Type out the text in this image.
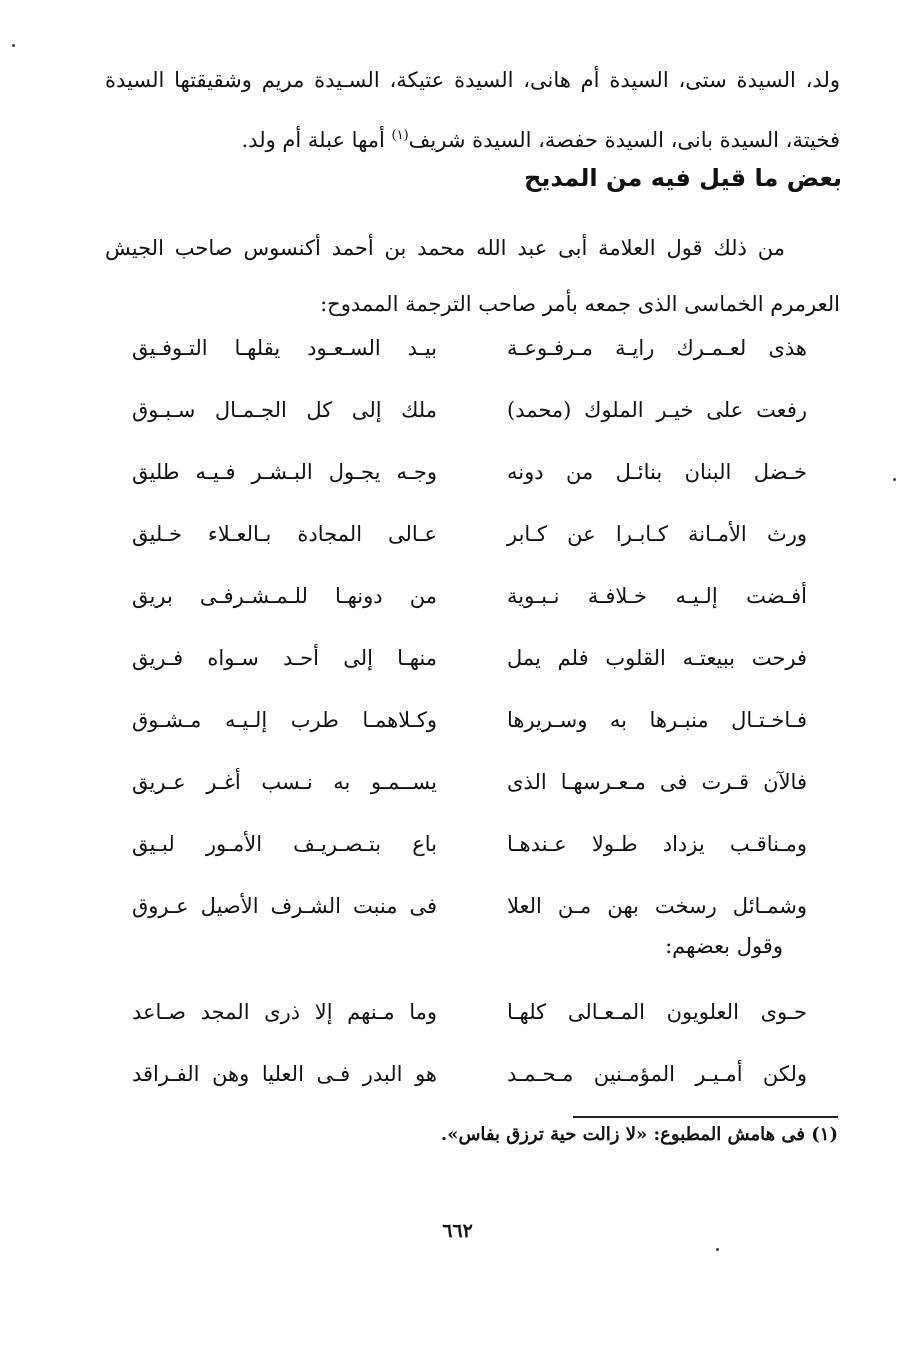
ولد، السيدة ستى، السيدة أم هانى، السيدة عتيكة، السـيدة مريم وشقيقتها السيدة فخيتة، السيدة بانى، السيدة حفصة، السيدة شريف$^{(١)}$ أمها عبلة أم ولد.
بعض ما قيل فيه من المديح
من ذلك قول العلامة أبى عبد الله محمد بن أحمد أكنسوس صاحب الجيش العرمرم الخماسى الذى جمعه بأمر صاحب الترجمة الممدوح:
هذى لعـمـرك رايـة مـرفـوعـة
بيـد السـعـود يقلهـا التـوفـيق
رفعت على خيـر الملوك (محمد)
ملك إلى كل الجـمـال سـبـوق
خـضل البنان بنائـل من دونه
وجـه يجـول البـشـر فـيـه طليق
ورث الأمـانة كـابـرا عن كـابر
عـالى المجادة بـالعـلاء خـليق
أفـضت إلـيـه خـلافـة نـبـوية
من دونهـا للـمـشـرفـى بريق
فرحت ببيعتـه القلوب فلم يمل
منهـا إلى أحـد سـواه فـريق
فـاخـتـال منبـرها به وسـريرها
وكـلاهمـا طرب إلـيـه مـشـوق
فالآن قـرت فى مـعـرسهـا الذى
يســمـو به نـسب أغـر عـريق
ومـناقـب يزداد طـولا عـندهـا
باع بتـصـريـف الأمـور لبـيق
وشمـائل رسخت بهن مـن العلا
فى منبت الشـرف الأصيل عـروق
وقول بعضهم:
حـوى العلويون المـعـالى كلهـا
وما مـنهم إلا ذرى المجد صـاعد
ولكن أمـيـر المؤمـنين مـحـمـد
هو البدر فـى العليا وهن الفـراقد
(١) فى هامش المطبوع: «لا زالت حية ترزق بفاس».
٦٦٢
